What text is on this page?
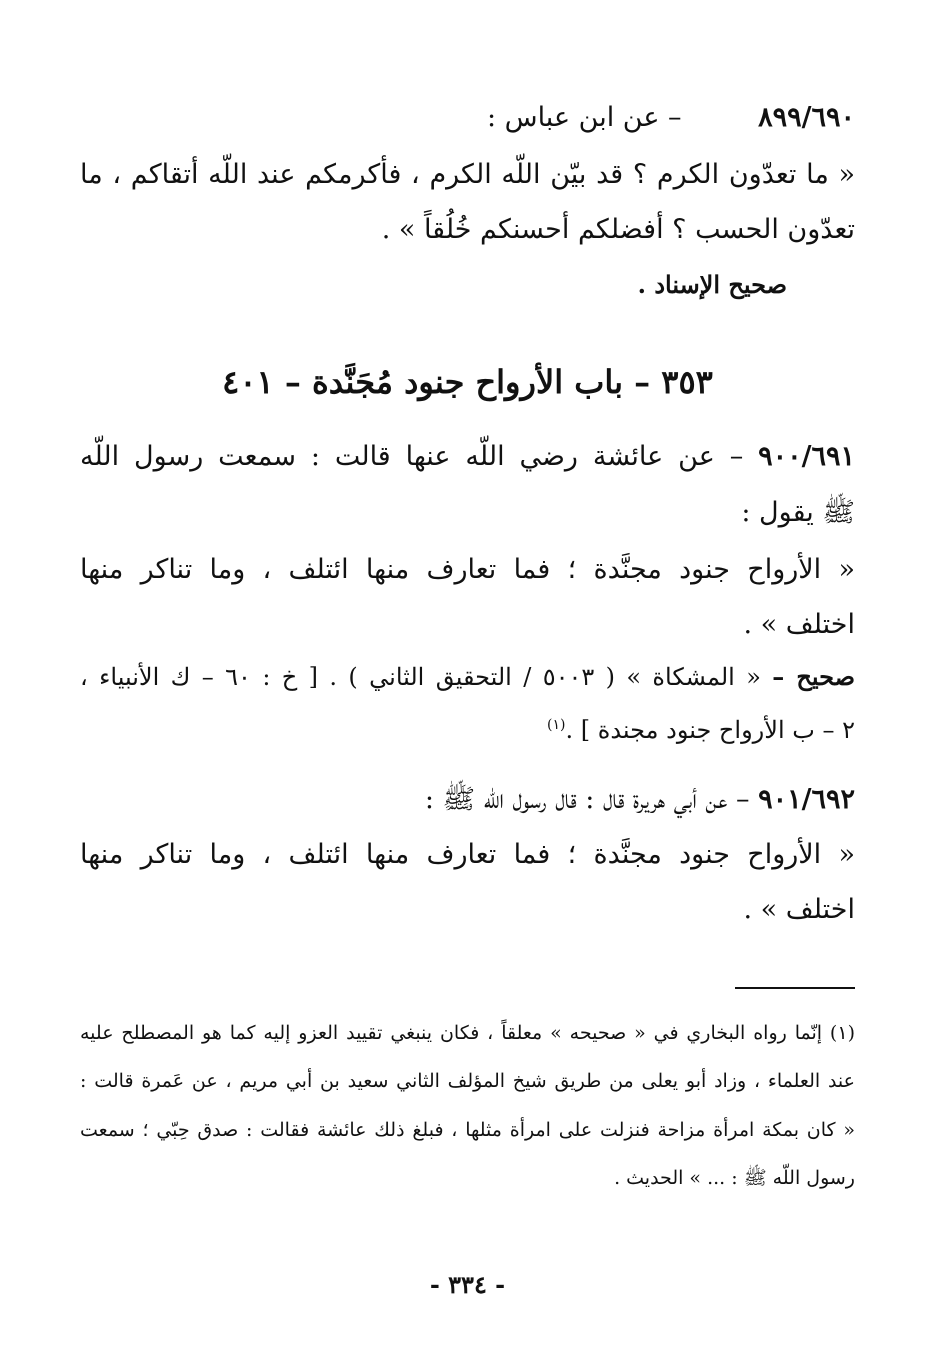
٨٩٩/٦٩٠ – عن ابن عباس :
« ما تعدّون الكرم ؟ قد بيّن اللّه الكرم ، فأكرمكم عند اللّه أتقاكم ، ما
تعدّون الحسب ؟ أفضلكم أحسنكم خُلُقاً » .
صحيح الإسناد .
٣٥٣ – باب الأرواح جنود مُجَنَّدة – ٤٠١
٩٠٠/٦٩١ – عن عائشة رضي اللّه عنها قالت : سمعت رسول اللّه
ﷺ يقول :
« الأرواح جنود مجنَّدة ؛ فما تعارف منها ائتلف ، وما تناكر منها
اختلف » .
صحيح – « المشكاة » ( ٥٠٠٣ / التحقيق الثاني ) . [ خ : ٦٠ – ك الأنبياء ،
٢ – ب الأرواح جنود مجندة ] .$^{(١)}$
٩٠١/٦٩٢ – عن أبي هريرة قال : قال رسول اللّه ﷺ :
« الأرواح جنود مجنَّدة ؛ فما تعارف منها ائتلف ، وما تناكر منها
اختلف » .
(١) إنّما رواه البخاري في « صحيحه » معلقاً ، فكان ينبغي تقييد العزو إليه كما هو المصطلح عليه
عند العلماء ، وزاد أبو يعلى من طريق شيخ المؤلف الثاني سعيد بن أبي مريم ، عن عَمرة قالت :
« كان بمكة امرأة مزاحة فنزلت على امرأة مثلها ، فبلغ ذلك عائشة فقالت : صدق حِبّي ؛ سمعت
رسول اللّه ﷺ : ... » الحديث .
- ٣٣٤ -
